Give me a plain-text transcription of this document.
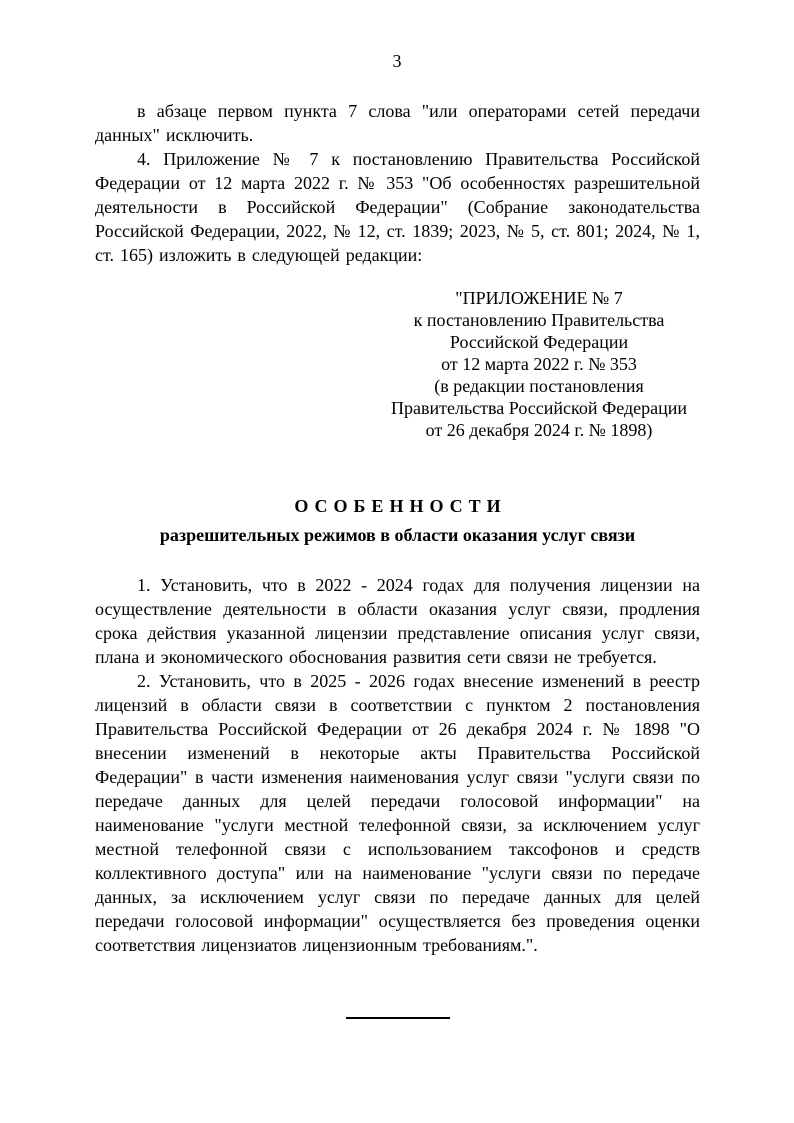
3

в абзаце первом пункта 7 слова "или операторами сетей передачи данных" исключить.

4. Приложение № 7 к постановлению Правительства Российской Федерации от 12 марта 2022 г. № 353 "Об особенностях разрешительной деятельности в Российской Федерации" (Собрание законодательства Российской Федерации, 2022, № 12, ст. 1839; 2023, № 5, ст. 801; 2024, № 1, ст. 165) изложить в следующей редакции:

"ПРИЛОЖЕНИЕ № 7
к постановлению Правительства
Российской Федерации
от 12 марта 2022 г. № 353
(в редакции постановления
Правительства Российской Федерации
от 26 декабря 2024 г. № 1898)
ОСОБЕННОСТИ
разрешительных режимов в области оказания услуг связи

1. Установить, что в 2022 - 2024 годах для получения лицензии на осуществление деятельности в области оказания услуг связи, продления срока действия указанной лицензии представление описания услуг связи, плана и экономического обоснования развития сети связи не требуется.

2. Установить, что в 2025 - 2026 годах внесение изменений в реестр лицензий в области связи в соответствии с пунктом 2 постановления Правительства Российской Федерации от 26 декабря 2024 г. № 1898 "О внесении изменений в некоторые акты Правительства Российской Федерации" в части изменения наименования услуг связи "услуги связи по передаче данных для целей передачи голосовой информации" на наименование "услуги местной телефонной связи, за исключением услуг местной телефонной связи с использованием таксофонов и средств коллективного доступа" или на наименование "услуги связи по передаче данных, за исключением услуг связи по передаче данных для целей передачи голосовой информации" осуществляется без проведения оценки соответствия лицензиатов лицензионным требованиям.".
